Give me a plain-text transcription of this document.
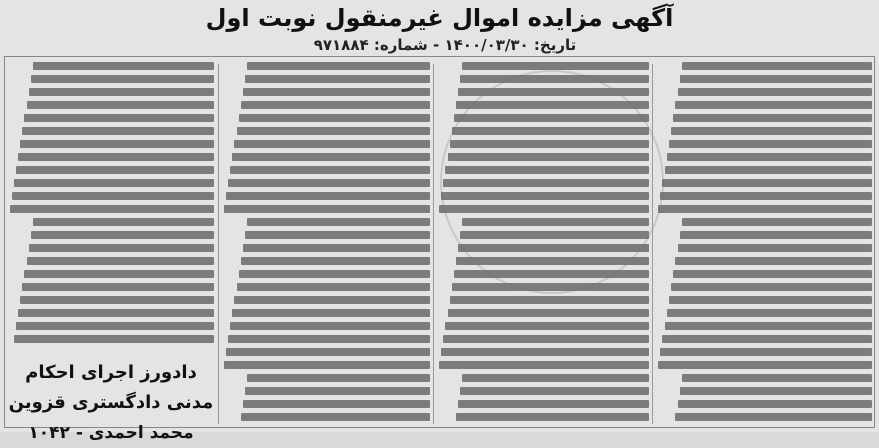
آگهی مزایده اموال غیرمنقول نوبت اول
تاریخ: ۱۴۰۰/۰۳/۳۰ - شماره: ۹۷۱۸۸۴
دادورز اجرای احکام مدنی دادگستری قزوین
محمد احمدی - ۱۰۴۲
